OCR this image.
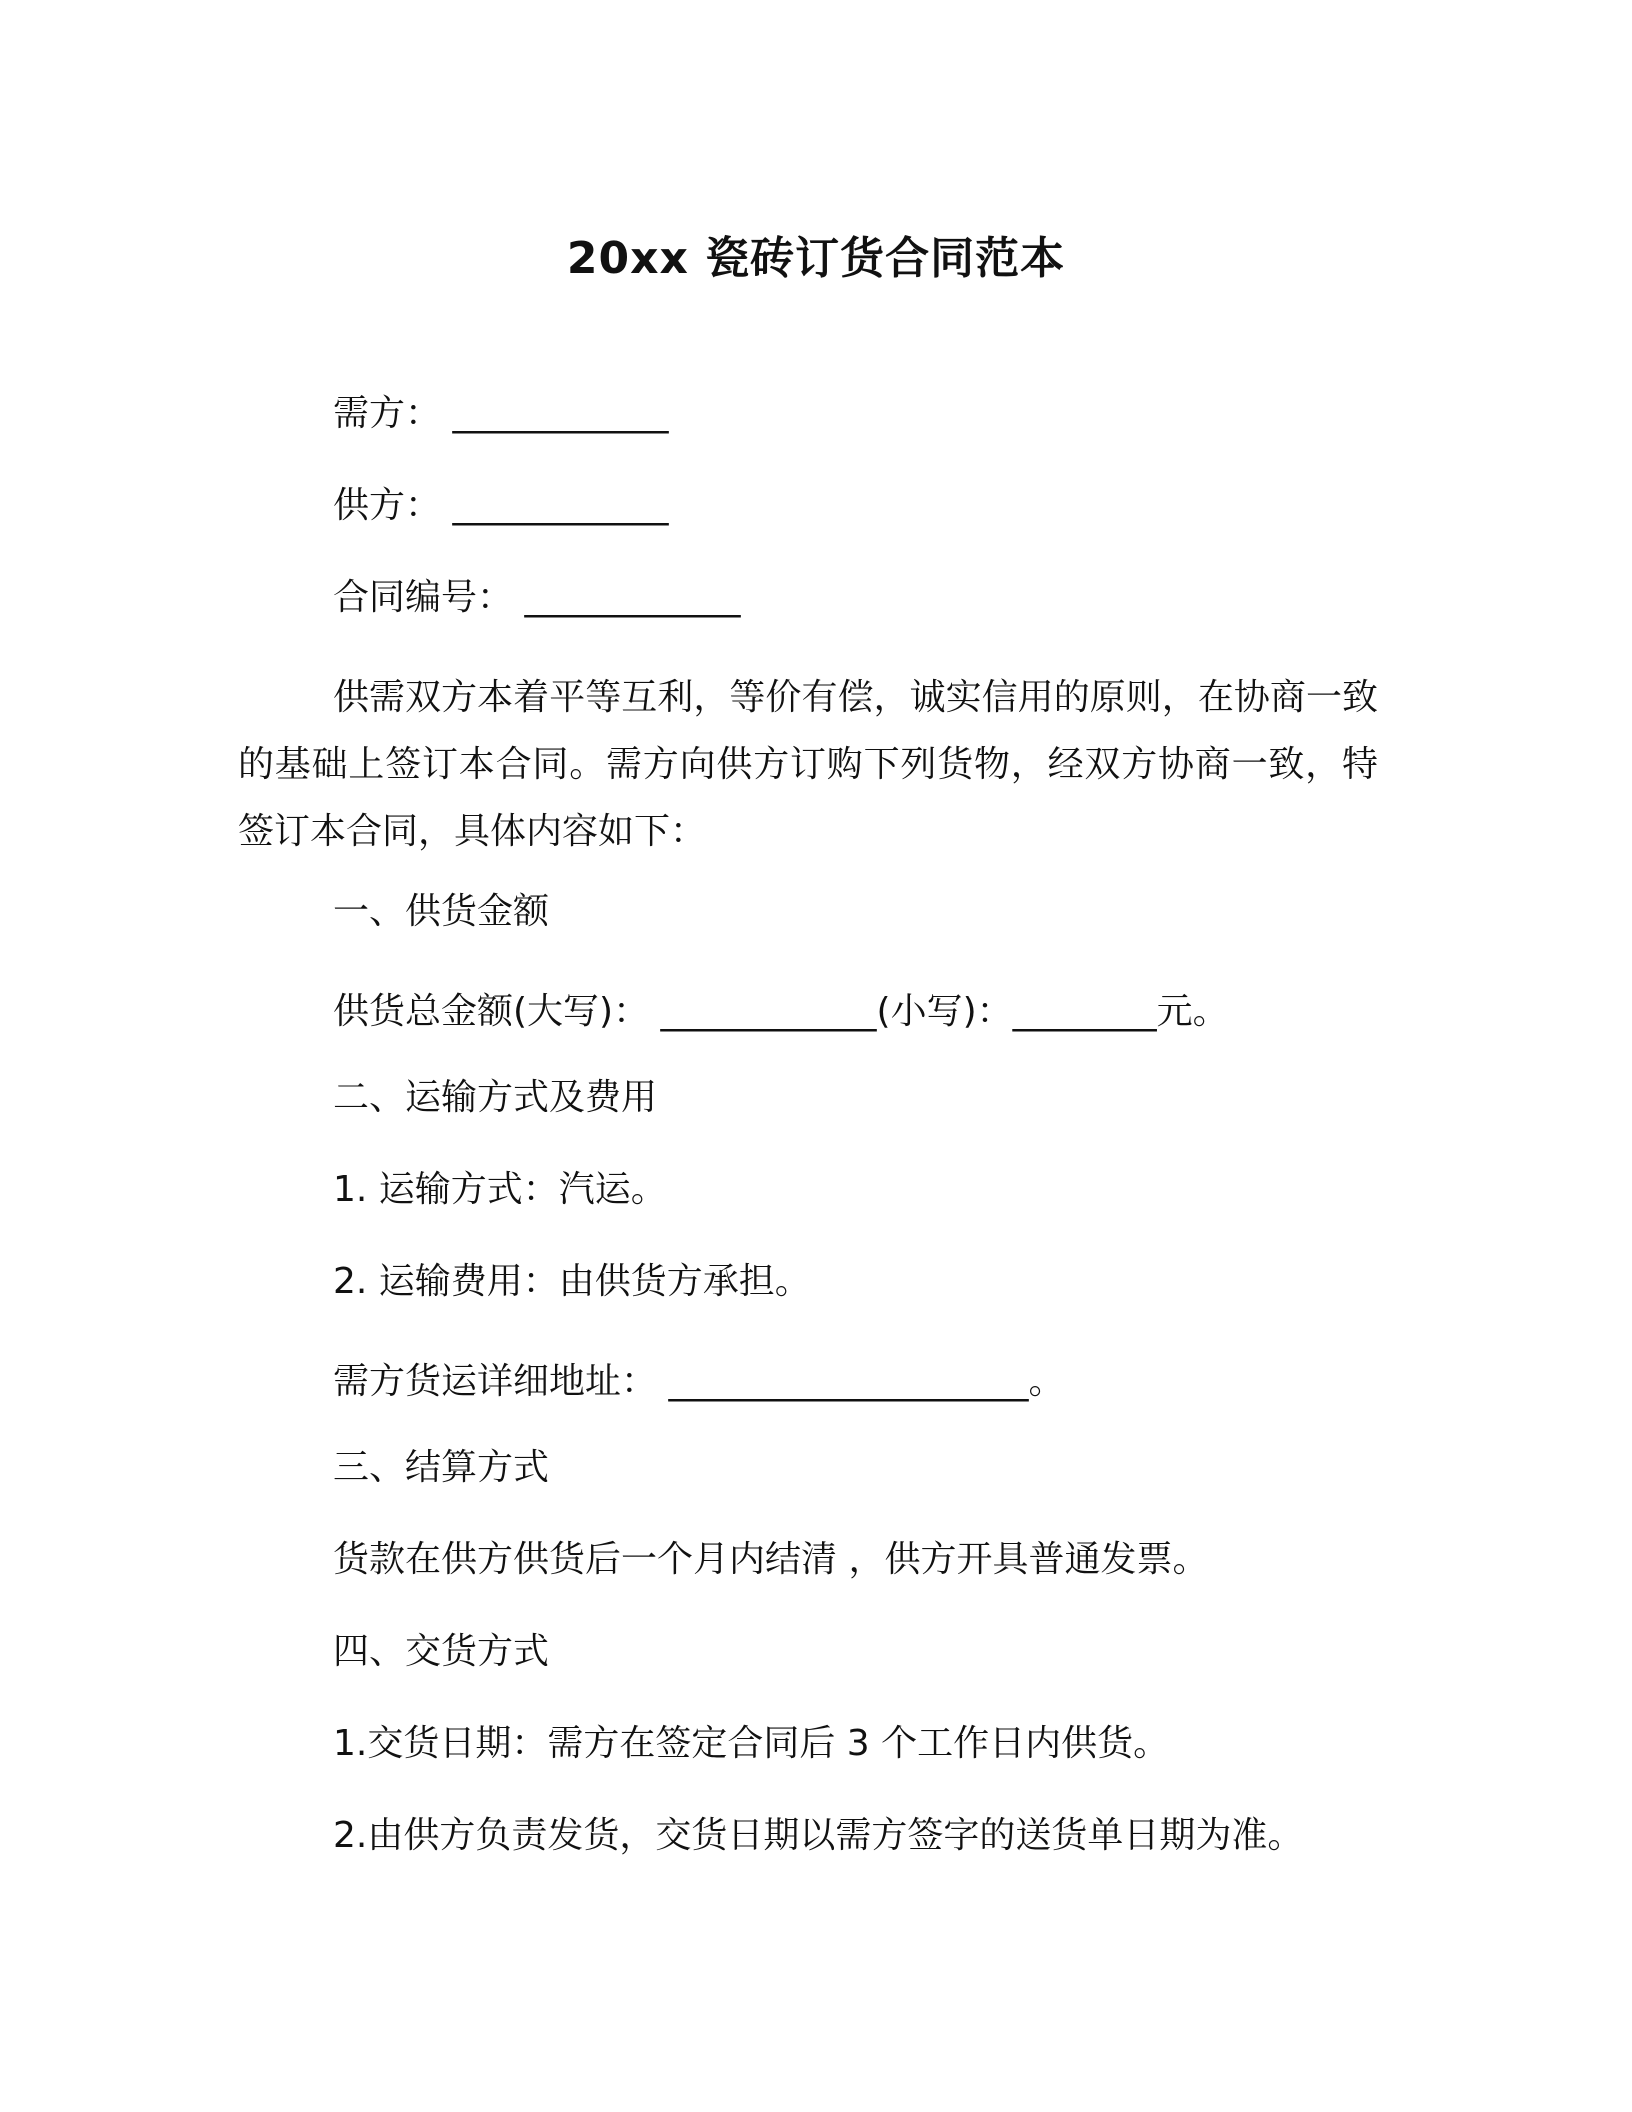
20xx 瓷砖订货合同范本
需方： ____________
供方： ____________
合同编号： ____________
供需双方本着平等互利，等价有偿，诚实信用的原则，在协商一致的基础上签订本合同。需方向供方订购下列货物，经双方协商一致，特签订本合同，具体内容如下：
一、供货金额
供货总金额(大写)： ____________(小写)：________元。
二、运输方式及费用
1. 运输方式：汽运。
2. 运输费用：由供货方承担。
需方货运详细地址： ____________________。
三、结算方式
货款在供方供货后一个月内结清 ，供方开具普通发票。
四、交货方式
1.交货日期：需方在签定合同后 3 个工作日内供货。
2.由供方负责发货，交货日期以需方签字的送货单日期为准。
